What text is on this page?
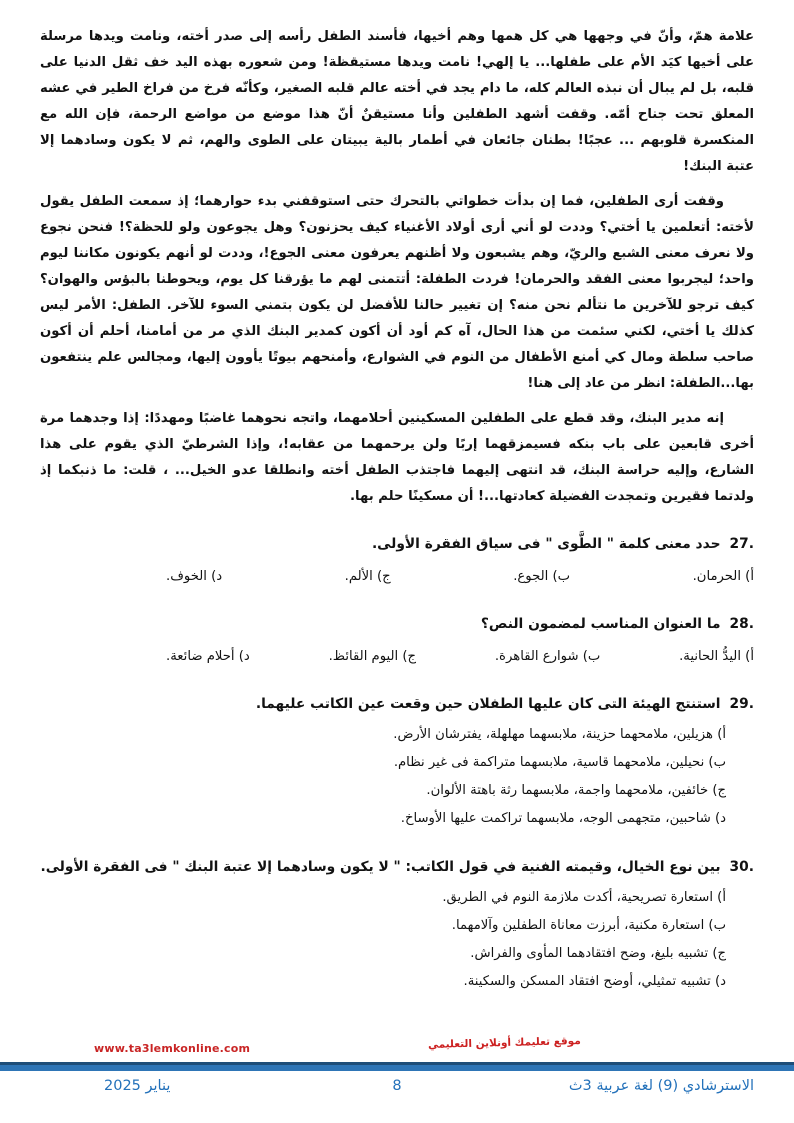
علامة همّ، وأنّ في وجهها هي كل همها وهم أخيها، فأسند الطفل رأسه إلى صدر أخته، ونامت ويدها مرسلة على أخيها كيَد الأم على طفلها... يا إلهي! نامت ويدها مستيقظة! ومن شعوره بهذه اليد خف ثقل الدنيا على قلبه، بل لم يبال أن نبذه العالم كله، ما دام يجد في أخته عالم قلبه الصغير، وكأنّه فرخ من فراخ الطير في عشه المعلق تحت جناح أمّه. وقفت أشهد الطفلين وأنا مستيقنٌ أنّ هذا موضع من مواضع الرحمة، فإن الله مع المنكسرة قلوبهم ... عجبًا! بطنان جائعان في أطمار بالية يبيتان على الطوى والهم، ثم لا يكون وسادهما إلا عتبة البنك!

وقفت أرى الطفلين، فما إن بدأت خطواتي بالتحرك حتى استوقفني بدء حوارهما؛ إذ سمعت الطفل يقول لأخته: أتعلمين يا أختي؟ وددت لو أني أرى أولاد الأغنياء كيف يحزنون؟ وهل يجوعون ولو للحظة؟! فنحن نجوع ولا نعرف معنى الشبع والريّ، وهم يشبعون ولا أظنهم يعرفون معنى الجوع!، وددت لو أنهم يكونون مكاننا ليوم واحد؛ ليجربوا معنى الفقد والحرمان! فردت الطفلة: أتتمنى لهم ما يؤرقنا كل يوم، ويحوطنا بالبؤس والهوان؟ كيف ترجو للآخرين ما نتألم نحن منه؟ إن تغيير حالنا للأفضل لن يكون بتمني السوء للآخر. الطفل: الأمر ليس كذلك يا أختي، لكني سئمت من هذا الحال، آه كم أود أن أكون كمدير البنك الذي مر من أمامنا، أحلم أن أكون صاحب سلطة ومال كي أمنع الأطفال من النوم في الشوارع، وأمنحهم بيوتًا يأوون إليها، ومجالس علم ينتفعون بها...الطفلة: انظر من عاد إلى هنا!

إنه مدير البنك، وقد قطع على الطفلين المسكينين أحلامهما، واتجه نحوهما غاضبًا ومهددًا: إذا وجدهما مرة أخرى قابعين على باب بنكه فسيمزقهما إربًا ولن يرحمهما من عقابه!، وإذا الشرطيّ الذي يقوم على هذا الشارع، وإليه حراسة البنك، قد انتهى إليهما فاجتذب الطفل أخته وانطلقا عدو الخيل... ، قلت: ما ذنبكما إذ ولدتما فقيرين وتمجدت الفضيلة كعادتها...! أن مسكينًا حلم بها.

27.
حدد معنى كلمة " الطَّوى " فى سياق الفقرة الأولى.
أ) الحرمان.
ب) الجوع.
ج) الألم.
د) الخوف.
28.
ما العنوان المناسب لمضمون النص؟
أ) اليدُّ الحانية.
ب) شوارع القاهرة.
ج) اليوم القائظ.
د) أحلام ضائعة.
29.
استنتج الهيئة التى كان عليها الطفلان حين وقعت عين الكاتب عليهما.
أ) هزيلين، ملامحهما حزينة، ملابسهما مهلهلة، يفترشان الأرض.
ب) نحيلين، ملامحهما قاسية، ملابسهما متراكمة فى غير نظام.
ج) خائفين، ملامحهما واجمة، ملابسهما رثة باهتة الألوان.
د) شاحبين، متجهمى الوجه، ملابسهما تراكمت عليها الأوساخ.
30.
بين نوع الخيال، وقيمته الفنية في قول الكاتب: " لا يكون وسادهما إلا عتبة البنك " فى الفقرة الأولى.
أ) استعارة تصريحية، أكدت ملازمة النوم في الطريق.
ب) استعارة مكنية، أبرزت معاناة الطفلين وآلامهما.
ج) تشبيه بليغ، وضح افتقادهما المأوى والفراش.
د) تشبيه تمثيلي، أوضح افتقاد المسكن والسكينة.
www.ta3lemkonline.com	موقع تعليمك أونلاين التعليمي
الاسترشادي (9) لغة عربية 3ث
8
يناير 2025
